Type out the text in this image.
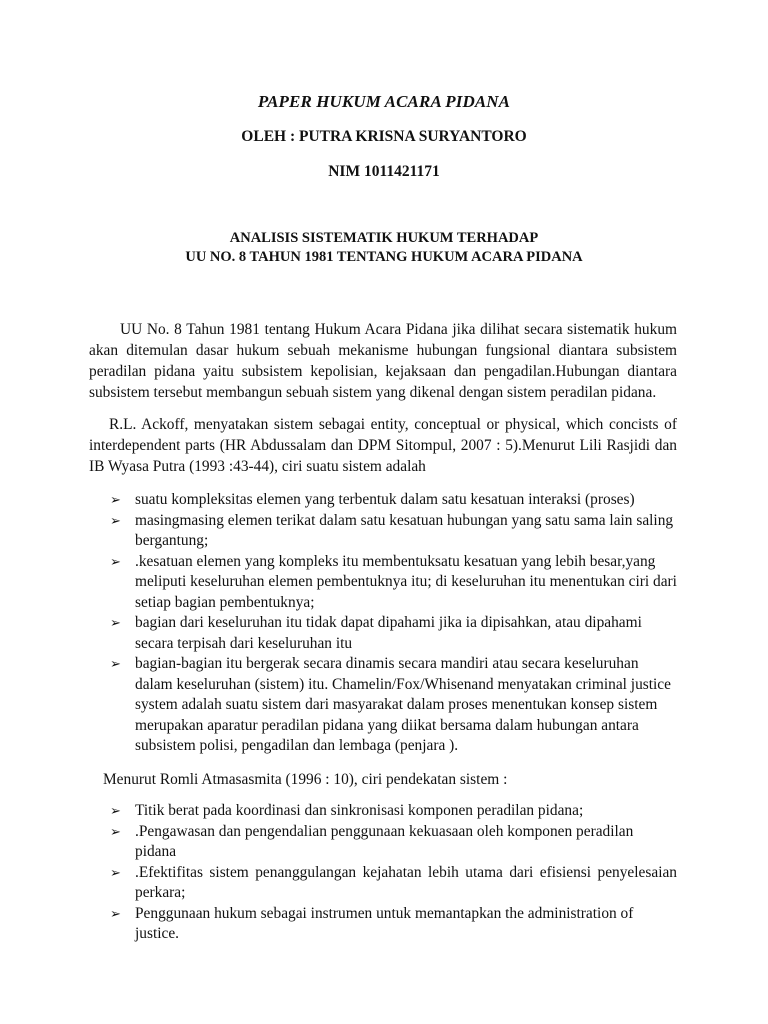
PAPER HUKUM ACARA PIDANA
OLEH : PUTRA KRISNA SURYANTORO
NIM 1011421171
ANALISIS SISTEMATIK HUKUM TERHADAP
UU NO. 8 TAHUN 1981 TENTANG HUKUM ACARA PIDANA
UU No. 8 Tahun 1981 tentang Hukum Acara Pidana jika dilihat secara sistematik hukum akan ditemulan dasar hukum sebuah mekanisme hubungan fungsional diantara subsistem peradilan pidana yaitu subsistem kepolisian, kejaksaan dan pengadilan.Hubungan diantara subsistem tersebut membangun sebuah sistem yang dikenal dengan sistem peradilan pidana.
R.L. Ackoff, menyatakan sistem sebagai entity, conceptual or physical, which concists of interdependent parts (HR Abdussalam dan DPM Sitompul, 2007 : 5).Menurut Lili Rasjidi dan IB Wyasa Putra (1993 :43-44), ciri suatu sistem adalah
➢ suatu kompleksitas elemen yang terbentuk dalam satu kesatuan interaksi (proses)
➢ masingmasing elemen terikat dalam satu kesatuan hubungan yang satu sama lain saling bergantung;
➢ .kesatuan elemen yang kompleks itu membentuksatu kesatuan yang lebih besar,yang meliputi keseluruhan elemen pembentuknya itu; di keseluruhan itu menentukan ciri dari setiap bagian pembentuknya;
➢ bagian dari keseluruhan itu tidak dapat dipahami jika ia dipisahkan, atau dipahami secara terpisah dari keseluruhan itu
➢ bagian-bagian itu bergerak secara dinamis secara mandiri atau secara keseluruhan dalam keseluruhan (sistem) itu. Chamelin/Fox/Whisenand menyatakan criminal justice system adalah suatu sistem dari masyarakat dalam proses menentukan konsep sistem merupakan aparatur peradilan pidana yang diikat bersama dalam hubungan antara subsistem polisi, pengadilan dan lembaga (penjara ).
Menurut Romli Atmasasmita (1996 : 10), ciri pendekatan sistem :
➢ Titik berat pada koordinasi dan sinkronisasi komponen peradilan pidana;
➢ .Pengawasan dan pengendalian penggunaan kekuasaan oleh komponen peradilan pidana
➢ .Efektifitas sistem penanggulangan kejahatan lebih utama dari efisiensi penyelesaian perkara;
➢ Penggunaan hukum sebagai instrumen untuk memantapkan the administration of justice.
